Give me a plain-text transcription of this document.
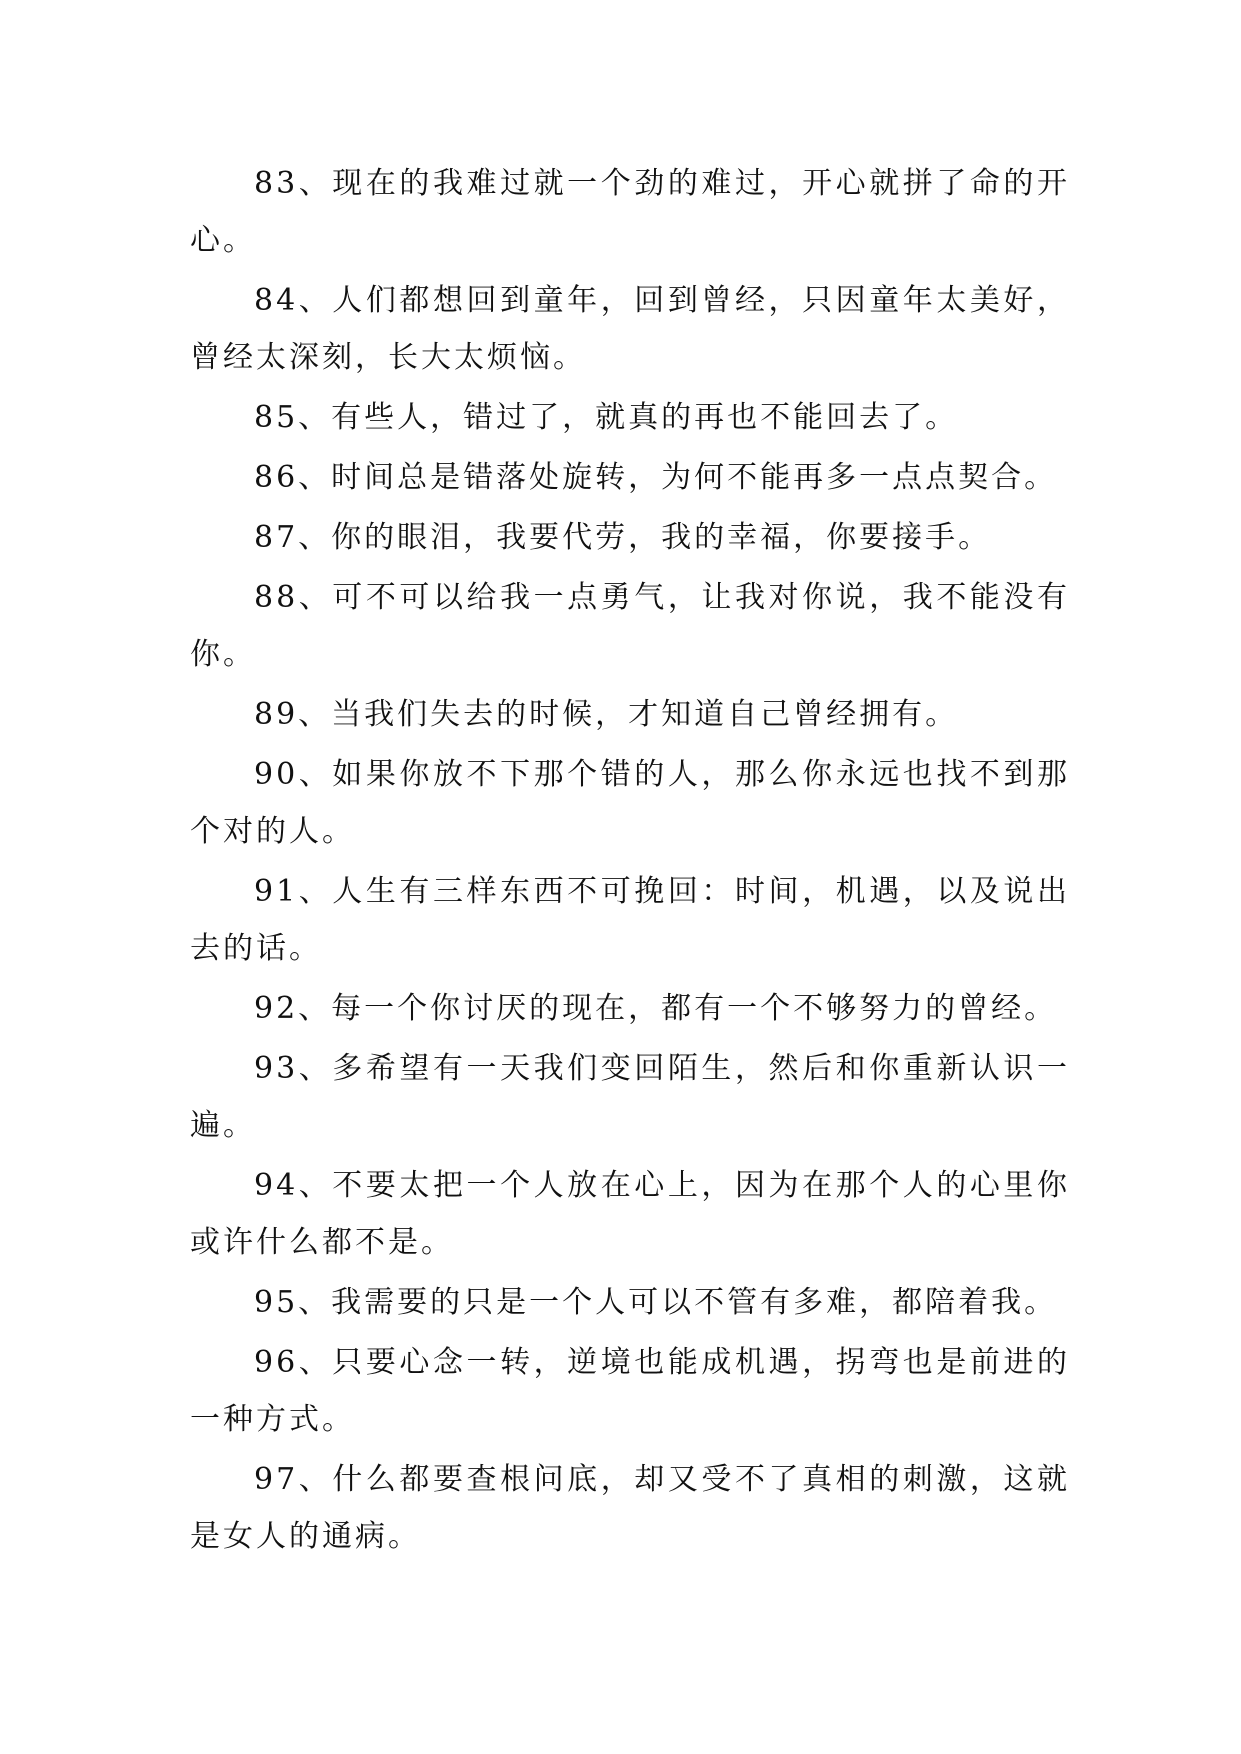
83、现在的我难过就一个劲的难过，开心就拼了命的开心。

84、人们都想回到童年，回到曾经，只因童年太美好，曾经太深刻，长大太烦恼。

85、有些人，错过了，就真的再也不能回去了。

86、时间总是错落处旋转，为何不能再多一点点契合。

87、你的眼泪，我要代劳，我的幸福，你要接手。

88、可不可以给我一点勇气，让我对你说，我不能没有你。

89、当我们失去的时候，才知道自己曾经拥有。

90、如果你放不下那个错的人，那么你永远也找不到那个对的人。

91、人生有三样东西不可挽回：时间，机遇，以及说出去的话。

92、每一个你讨厌的现在，都有一个不够努力的曾经。

93、多希望有一天我们变回陌生，然后和你重新认识一遍。

94、不要太把一个人放在心上，因为在那个人的心里你或许什么都不是。

95、我需要的只是一个人可以不管有多难，都陪着我。

96、只要心念一转，逆境也能成机遇，拐弯也是前进的一种方式。

97、什么都要查根问底，却又受不了真相的刺激，这就是女人的通病。
